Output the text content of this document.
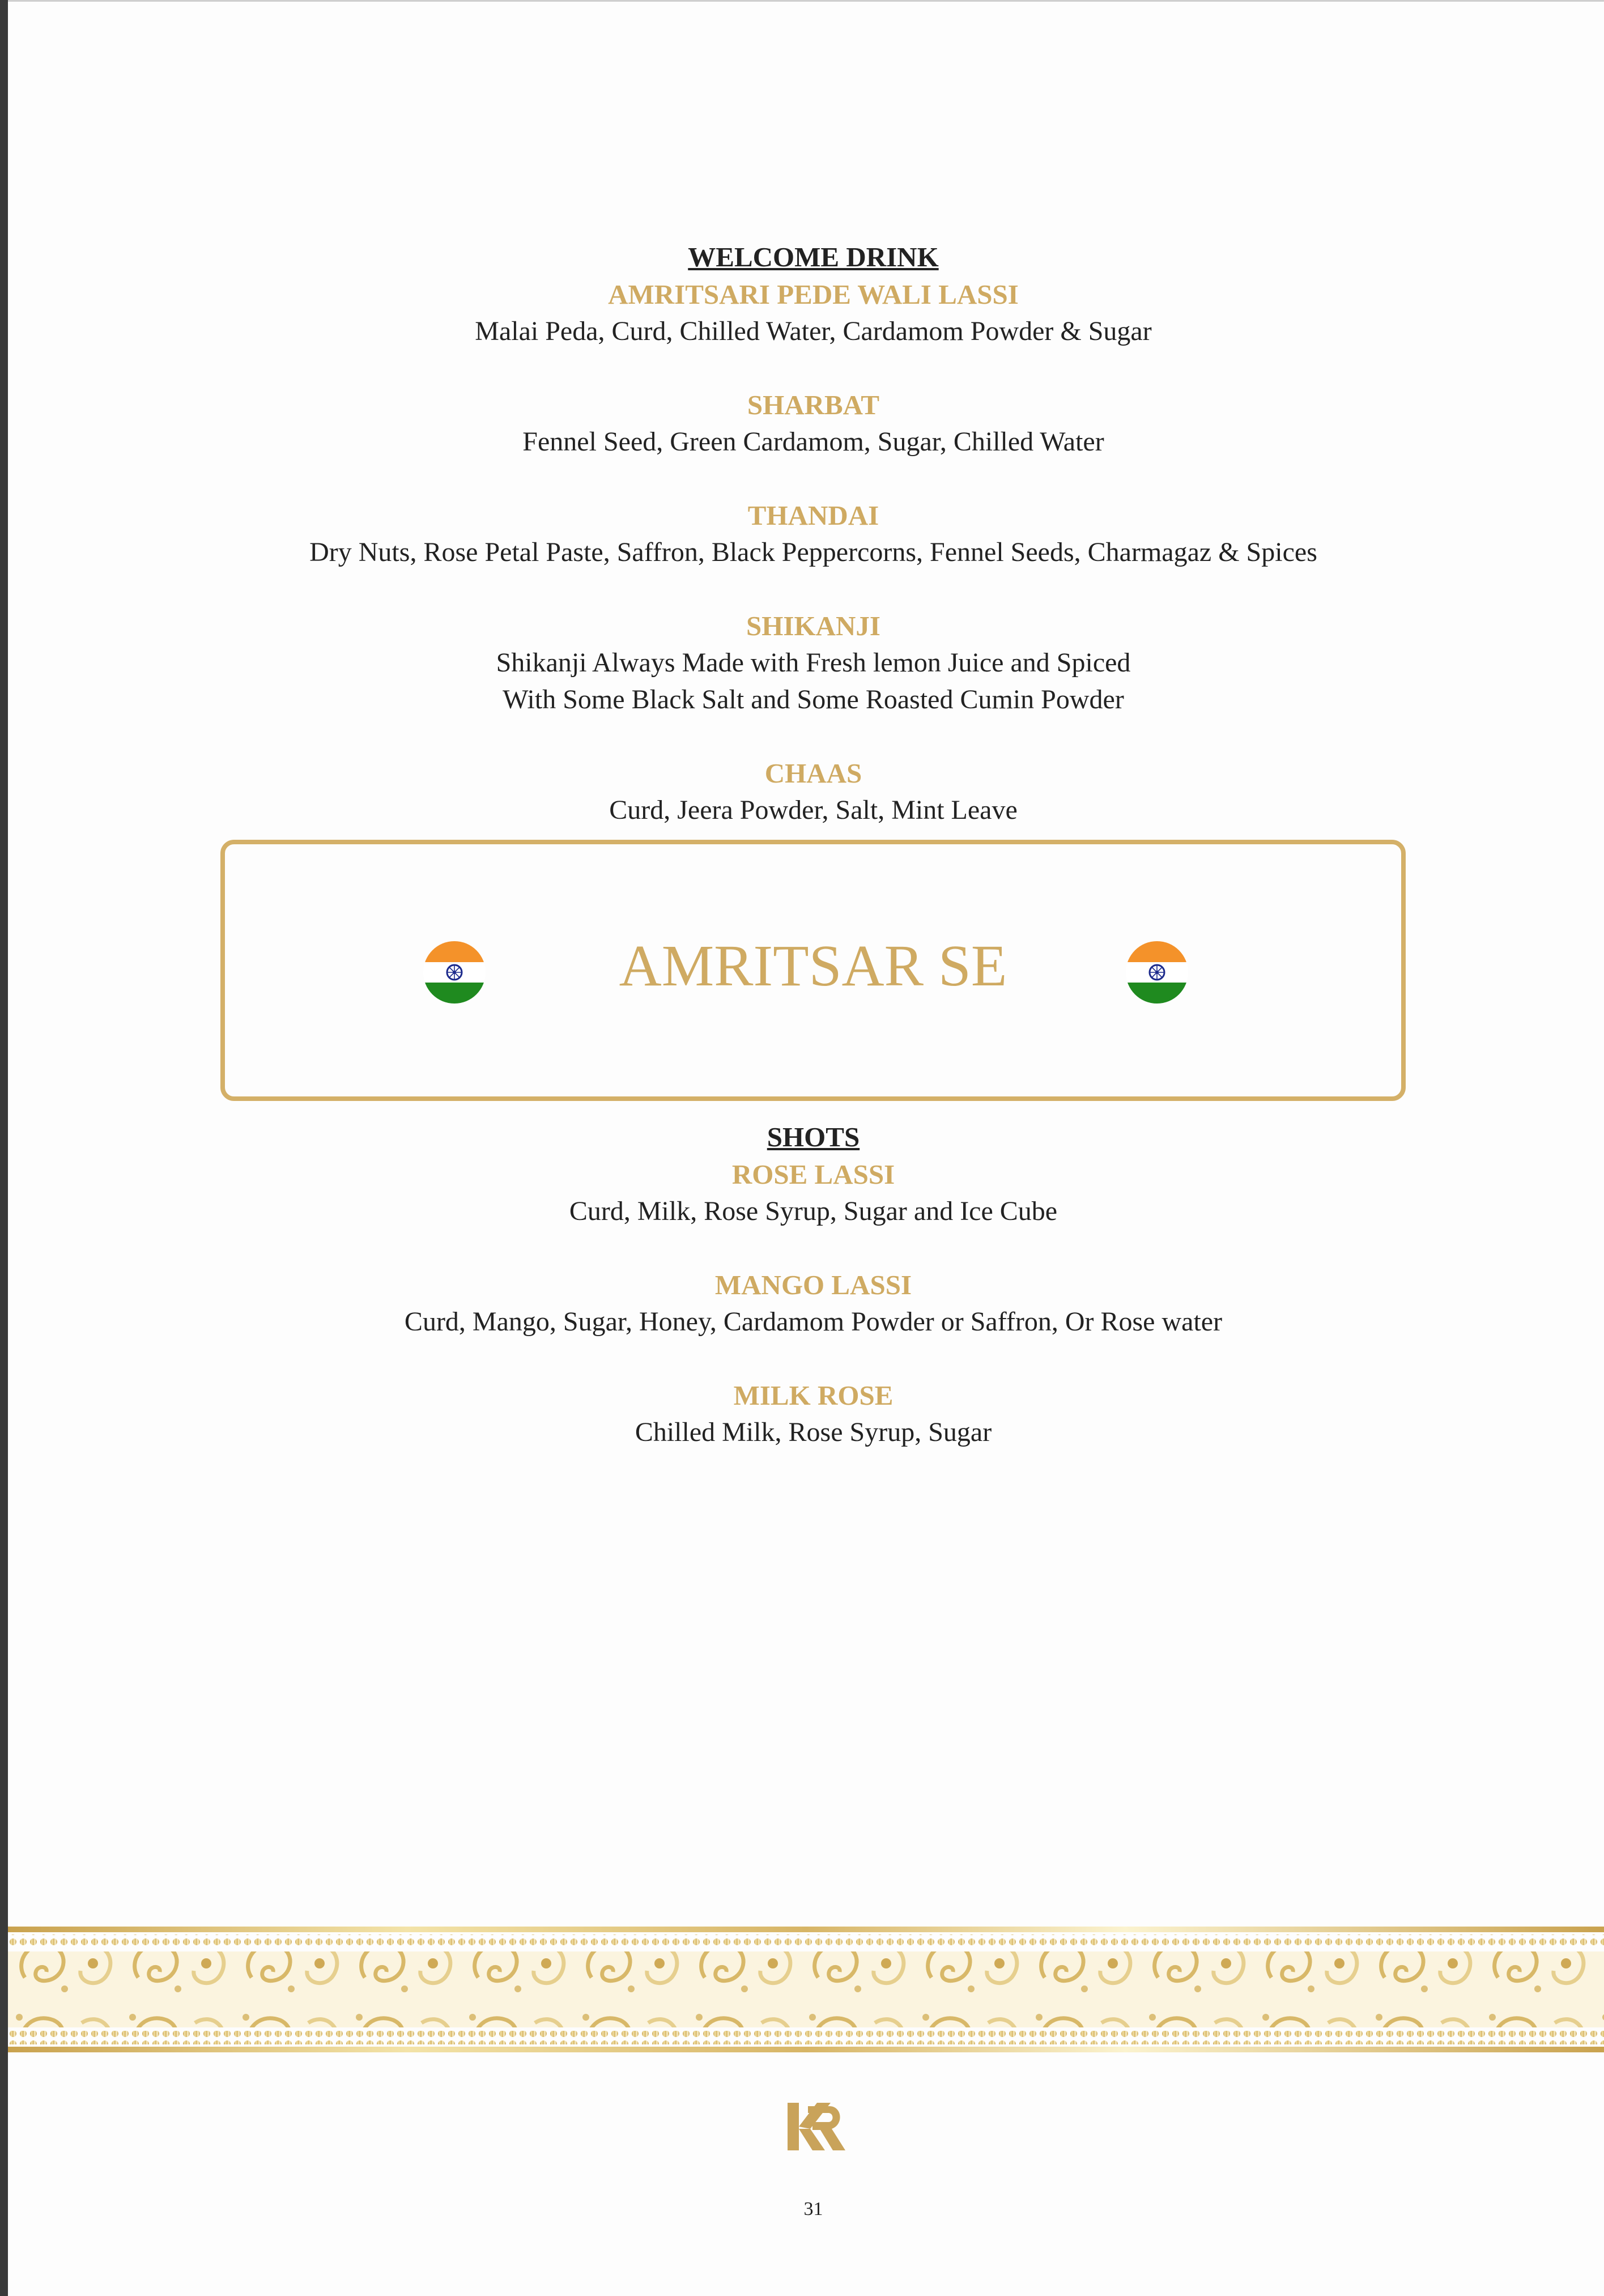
WELCOME DRINK
AMRITSARI PEDE WALI LASSI
Malai Peda, Curd, Chilled Water, Cardamom Powder & Sugar
SHARBAT
Fennel Seed, Green Cardamom, Sugar, Chilled Water
THANDAI
Dry Nuts, Rose Petal Paste, Saffron, Black Peppercorns, Fennel Seeds, Charmagaz & Spices
SHIKANJI
Shikanji Always Made with Fresh lemon Juice and Spiced
With Some Black Salt and Some Roasted Cumin Powder
CHAAS
Curd, Jeera Powder, Salt, Mint Leave
AMRITSAR SE
SHOTS
ROSE LASSI
Curd, Milk, Rose Syrup, Sugar and Ice Cube
MANGO LASSI
Curd, Mango, Sugar, Honey, Cardamom Powder or Saffron, Or Rose water
MILK ROSE
Chilled Milk, Rose Syrup, Sugar
31
